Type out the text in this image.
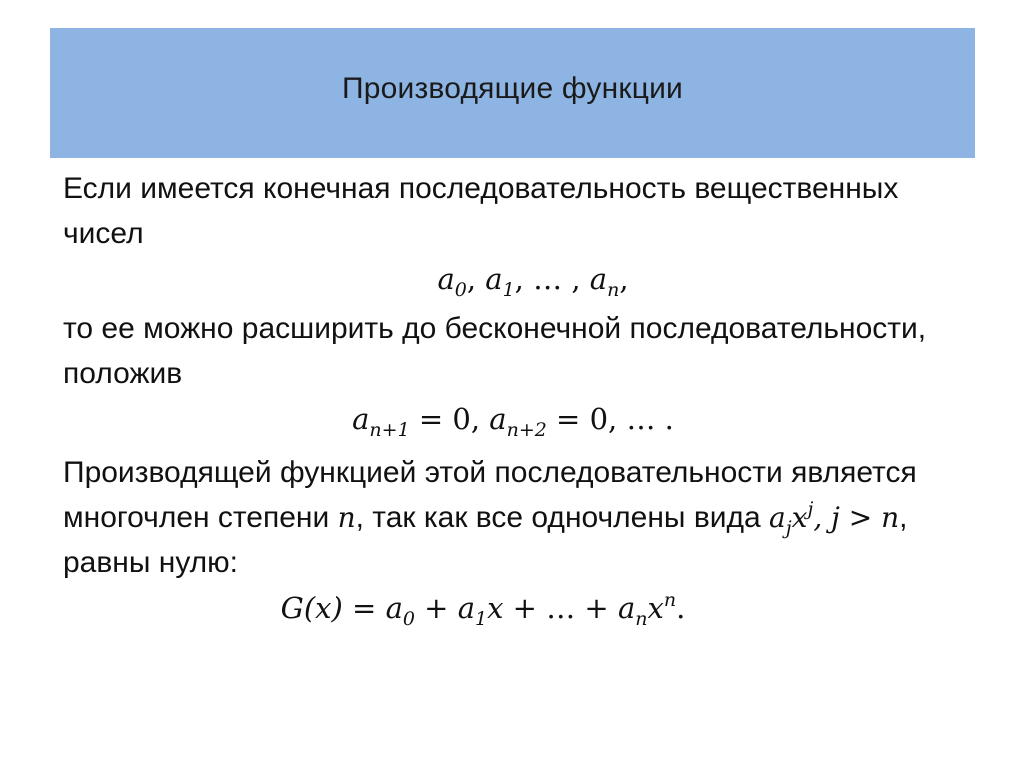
Производящие функции

Если имеется конечная последовательность вещественных чисел

$a_0$, $a_1$, … , $a_n$,

то ее можно расширить до бесконечной последовательности, положив

$a_{n+1} = 0$, $a_{n+2} = 0$, … .

Производящей функцией этой последовательности является многочлен степени n, так как все одночлены вида $a_jx^j$, j > n, равны нулю:

$G(x) = a_0 + a_1x$ + … + $a_nx^n$.
